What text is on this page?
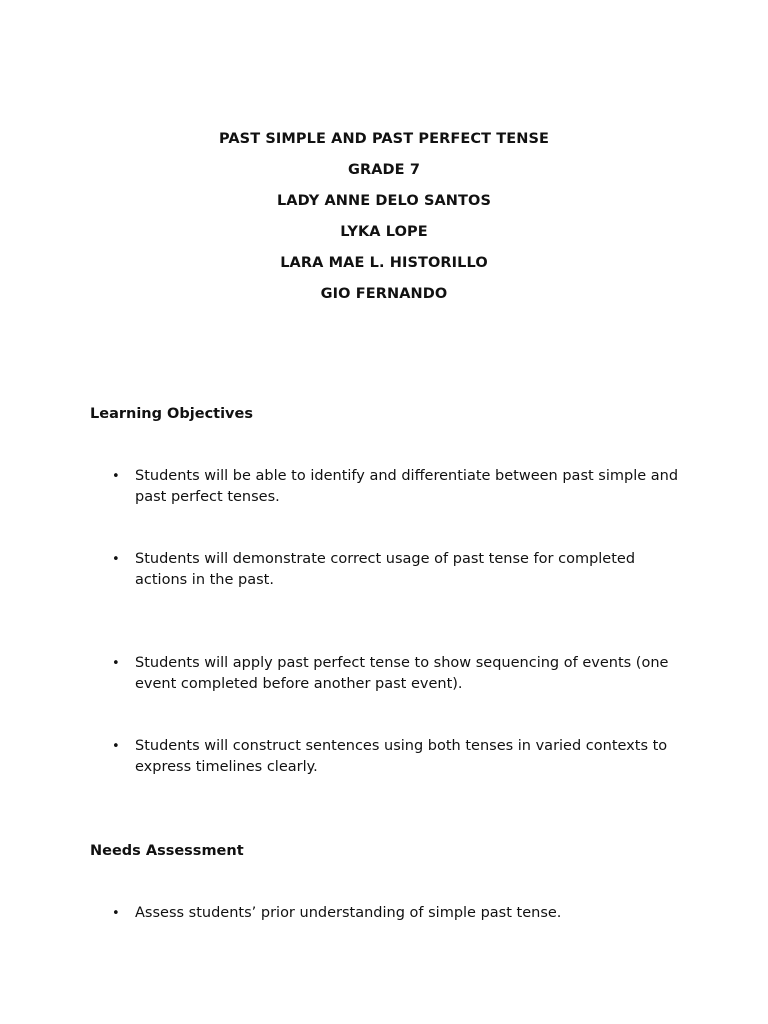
PAST SIMPLE AND PAST PERFECT TENSE
GRADE 7
LADY ANNE DELO SANTOS
LYKA LOPE
LARA MAE L. HISTORILLO
GIO FERNANDO
Learning Objectives
• Students will be able to identify and differentiate between past simple and past perfect tenses.
• Students will demonstrate correct usage of past tense for completed actions in the past.
• Students will apply past perfect tense to show sequencing of events (one event completed before another past event).
• Students will construct sentences using both tenses in varied contexts to express timelines clearly.
Needs Assessment
• Assess students’ prior understanding of simple past tense.
